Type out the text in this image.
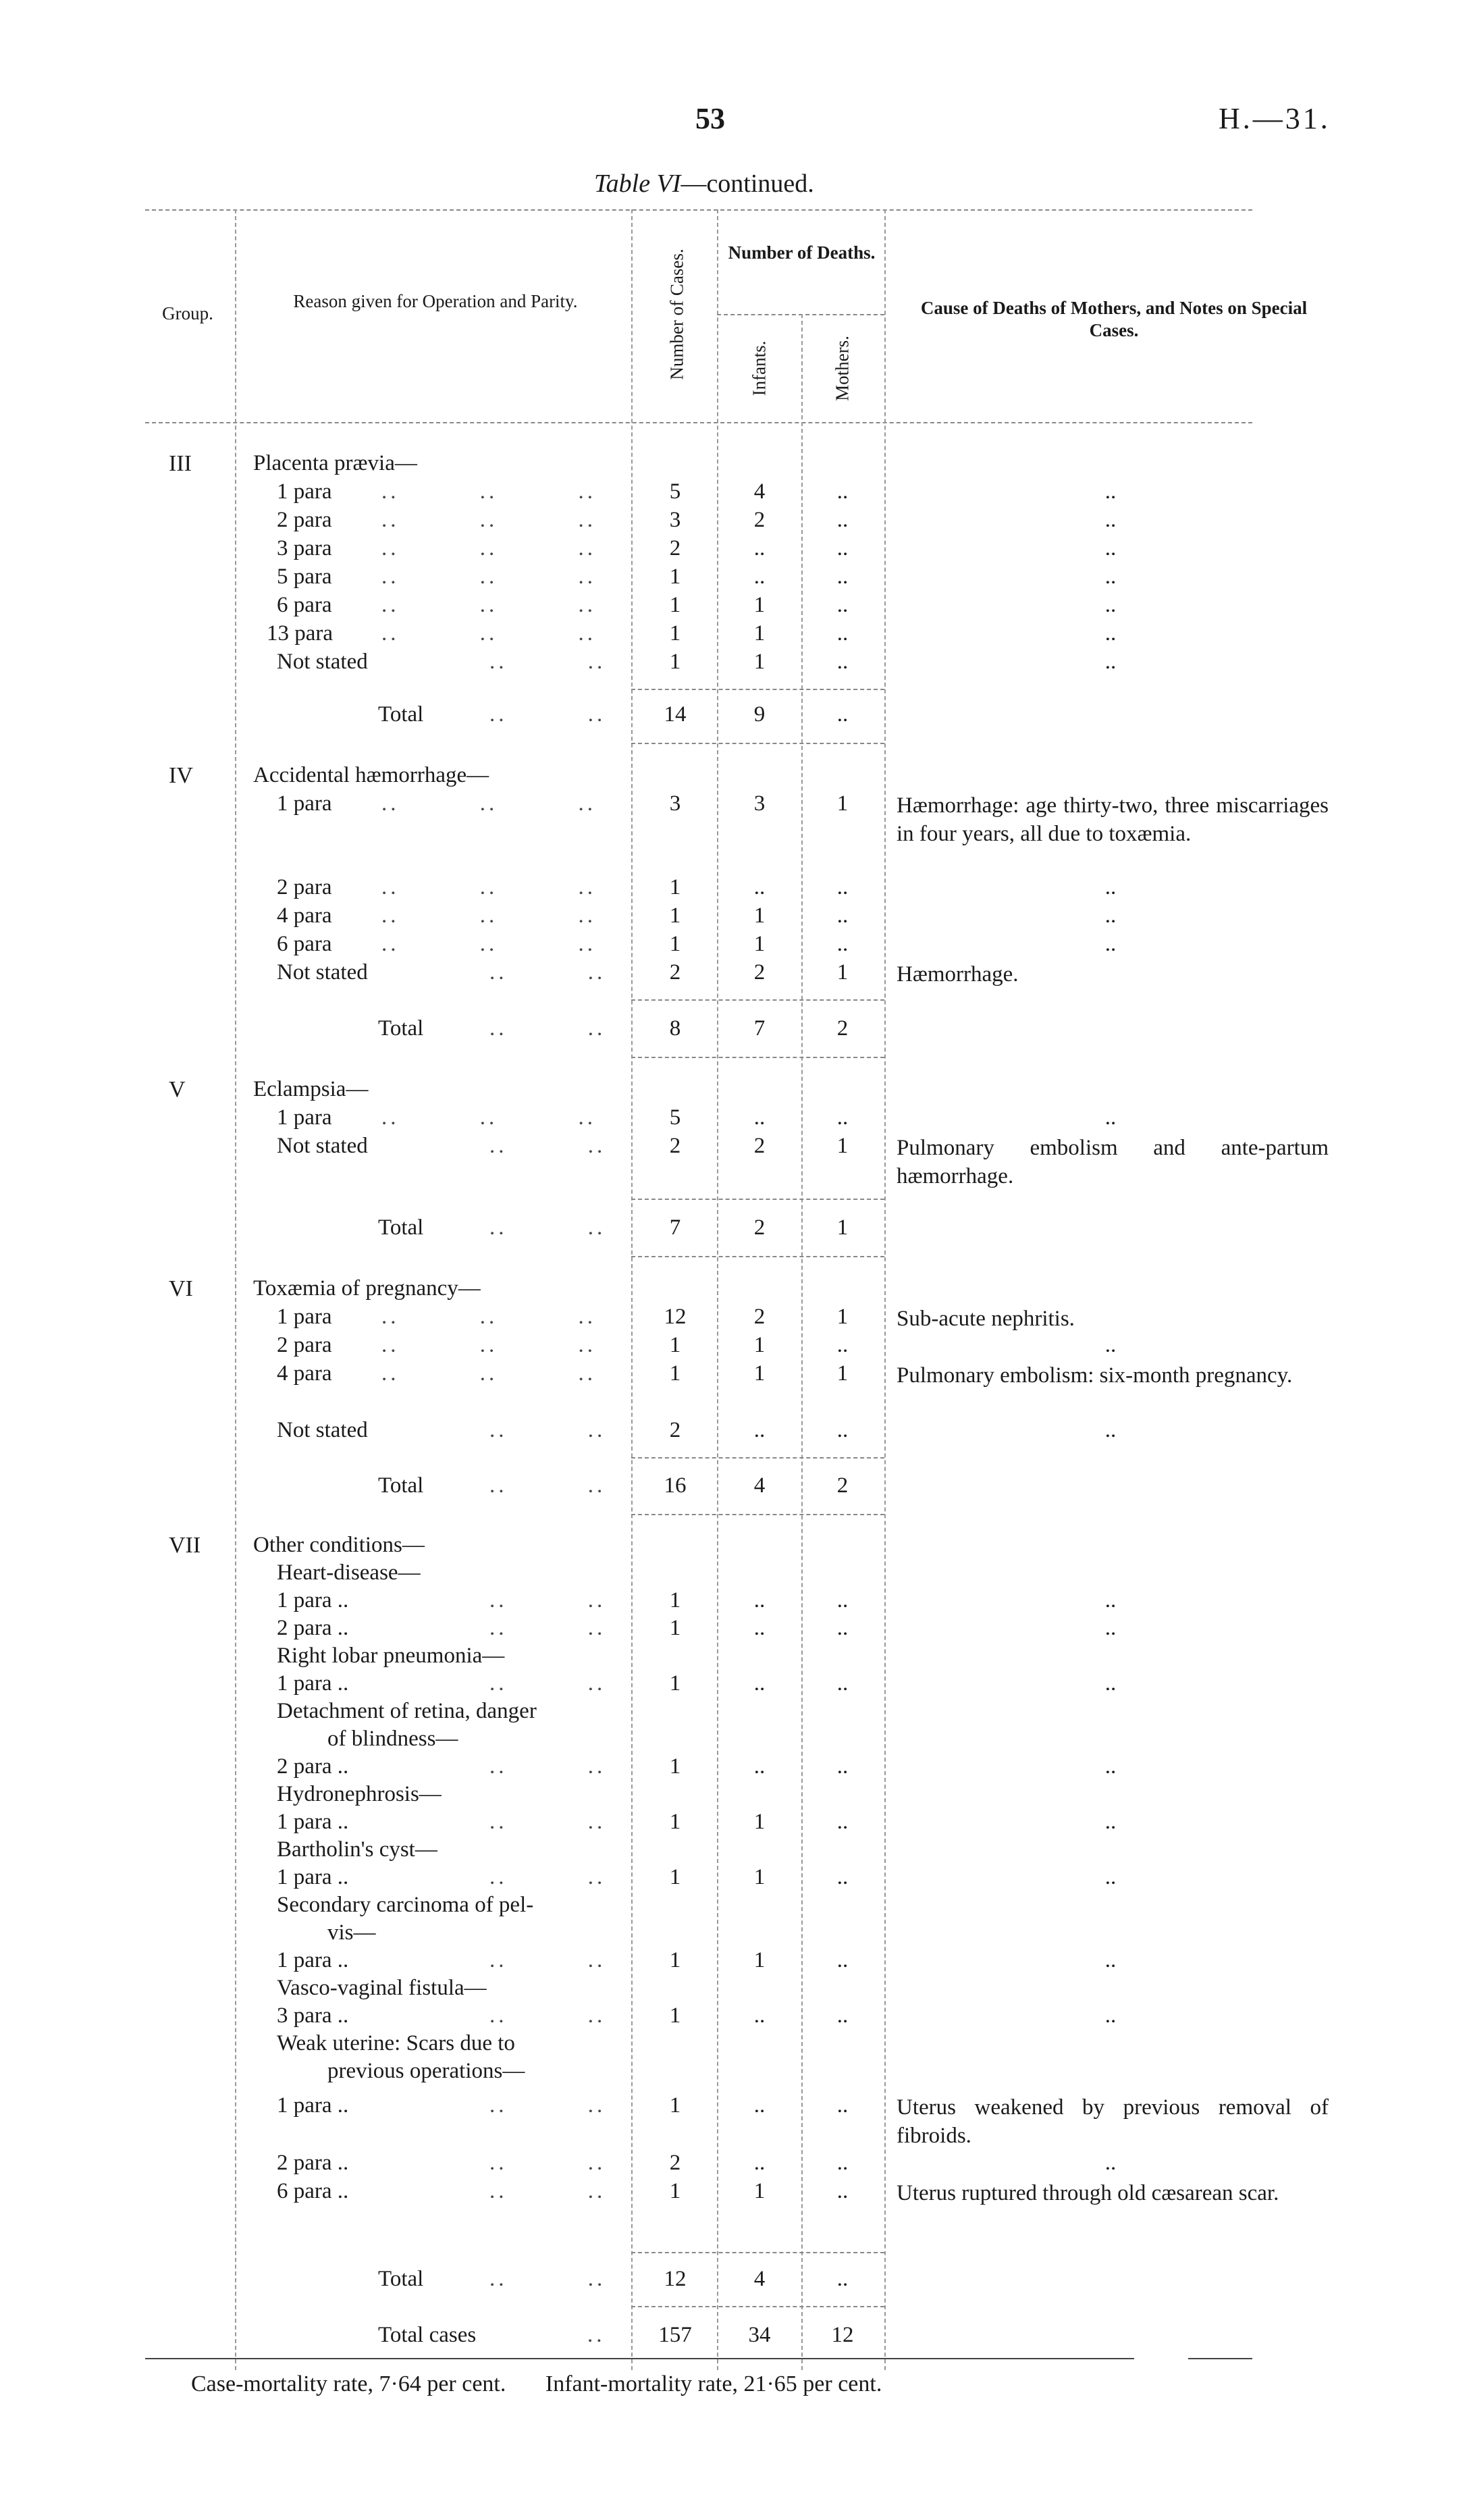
53	H.—31.
Table VI—continued.
Group.
Reason given for Operation and Parity.	Number of Cases.	Number of Deaths.
Infants.	Mothers.
Cause of Deaths of Mothers, and Notes on Special Cases.
III	Placenta prævia—
1 para ..         ..         ..	5	4	..	..
2 para ..         ..         ..	3	2	..	..
3 para ..         ..         ..	2	..	..	..
5 para ..         ..         ..	1	..	..	..
6 para ..         ..         ..	1	1	..	..
13 para ..         ..         ..	1	1	..	..
Not stated	..         ..	1	1	..	..
Total	..         ..	14	9	..
IV	Accidental hæmorrhage—
1 para ..         ..         ..	3	3	1	Hæmorrhage: age thirty-two, three miscarriages in four years, all due to toxæmia.
2 para ..         ..         ..	1	..	..	..
4 para ..         ..         ..	1	1	..	..
6 para ..         ..         ..	1	1	..	..
Not stated	..         ..	2	2	1	Hæmorrhage.
Total	..         ..	8	7	2
V	Eclampsia—
1 para ..         ..         ..	5	..	..	..
Not stated	..         ..	2	2	1	Pulmonary embolism and ante-partum hæmorrhage.
Total	..         ..	7	2	1
VI	Toxæmia of pregnancy—
1 para ..         ..         ..	12	2	1	Sub-acute nephritis.
2 para ..         ..         ..	1	1	..	..
4 para ..         ..         ..	1	1	1	Pulmonary embolism: six-month pregnancy.
Not stated	..         ..	2	..	..	..
Total	..         ..	16	4	2
VII Other conditions—
Heart-disease—
1 para ..	..         ..	1	..	..	..
2 para ..	..         ..	1	..	..	..
Right lobar pneumonia—
1 para ..	..         ..	1	..	..	..
Detachment of retina, danger
of blindness—
2 para ..	..         ..	1	..	..	..
Hydronephrosis—
1 para ..	..         ..	1	1	..	..
Bartholin's cyst—
1 para ..	..         ..	1	1	..	..
Secondary carcinoma of pel-
vis—
1 para ..	..         ..	1	1	..	..
Vasco-vaginal fistula—
3 para ..	..         ..	1	..	..	..
Weak uterine: Scars due to
previous operations—
1 para ..	..         ..	1	..	..	Uterus weakened by previous removal of fibroids.
2 para ..	..         ..	2	..	..	..
6 para ..	..         ..	1	1	..	Uterus ruptured through old cæsarean scar.
Total	..         ..	12	4	..
Total cases	..	157	34	12
Case-mortality rate, 7·64 per cent. Infant-mortality rate, 21·65 per cent.
